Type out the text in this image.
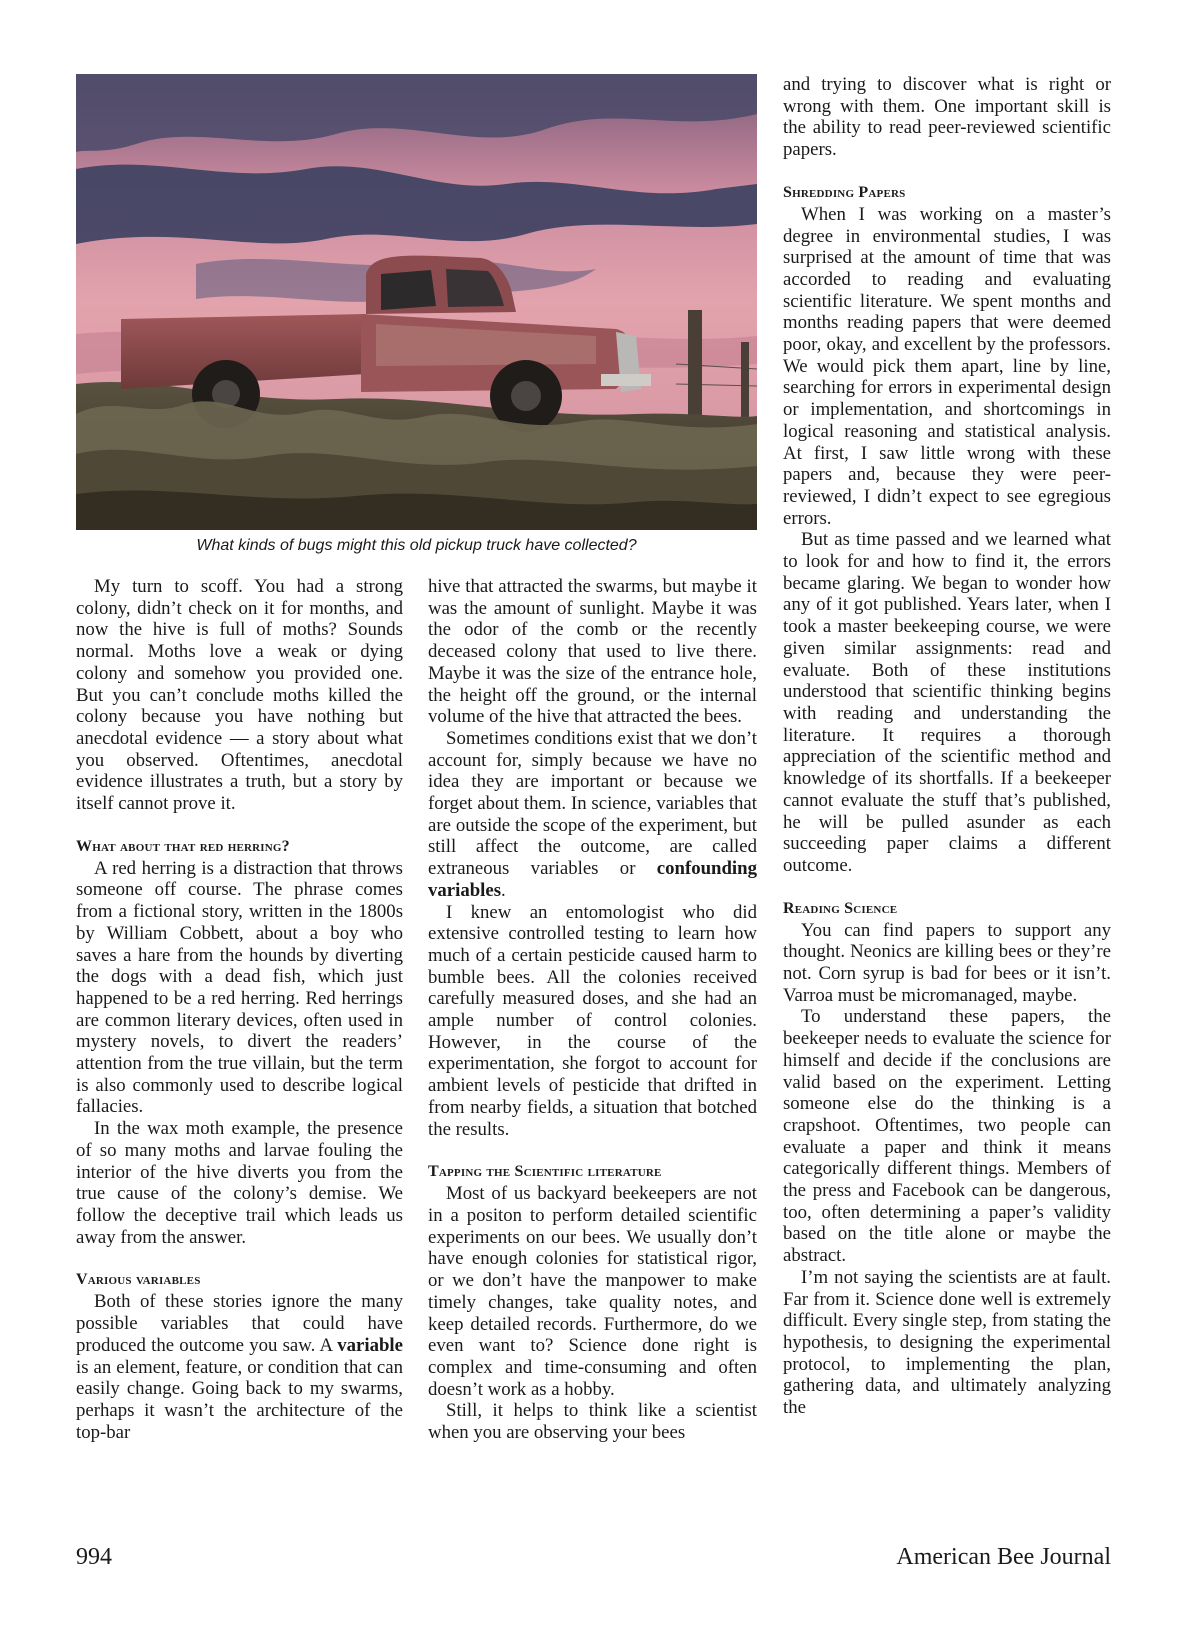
What kinds of bugs might this old pickup truck have collected?

My turn to scoff. You had a strong colony, didn’t check on it for months, and now the hive is full of moths? Sounds normal. Moths love a weak or dying colony and somehow you provided one. But you can’t conclude moths killed the colony because you have nothing but anecdotal evidence — a story about what you observed. Oftentimes, anecdotal evidence illustrates a truth, but a story by itself cannot prove it.

What about that red herring?

A red herring is a distraction that throws someone off course. The phrase comes from a fictional story, written in the 1800s by William Cobbett, about a boy who saves a hare from the hounds by diverting the dogs with a dead fish, which just happened to be a red herring. Red herrings are common literary devices, often used in mystery novels, to divert the readers’ attention from the true villain, but the term is also commonly used to describe logical fallacies.

In the wax moth example, the presence of so many moths and larvae fouling the interior of the hive diverts you from the true cause of the colony’s demise. We follow the deceptive trail which leads us away from the answer.

Various variables

Both of these stories ignore the many possible variables that could have produced the outcome you saw. A variable is an element, feature, or condition that can easily change. Going back to my swarms, perhaps it wasn’t the architecture of the top-bar

hive that attracted the swarms, but maybe it was the amount of sunlight. Maybe it was the odor of the comb or the recently deceased colony that used to live there. Maybe it was the size of the entrance hole, the height off the ground, or the internal volume of the hive that attracted the bees.

Sometimes conditions exist that we don’t account for, simply because we have no idea they are important or because we forget about them. In science, variables that are outside the scope of the experiment, but still affect the outcome, are called extraneous variables or confounding variables.

I knew an entomologist who did extensive controlled testing to learn how much of a certain pesticide caused harm to bumble bees. All the colonies received carefully measured doses, and she had an ample number of control colonies. However, in the course of the experimentation, she forgot to account for ambient levels of pesticide that drifted in from nearby fields, a situation that botched the results.

Tapping the Scientific literature

Most of us backyard beekeepers are not in a positon to perform detailed scientific experiments on our bees. We usually don’t have enough colonies for statistical rigor, or we don’t have the manpower to make timely changes, take quality notes, and keep detailed records. Furthermore, do we even want to? Science done right is complex and time-consuming and often doesn’t work as a hobby.

Still, it helps to think like a scientist when you are observing your bees

and trying to discover what is right or wrong with them. One important skill is the ability to read peer-reviewed scientific papers.

Shredding Papers

When I was working on a master’s degree in environmental studies, I was surprised at the amount of time that was accorded to reading and evaluating scientific literature. We spent months and months reading papers that were deemed poor, okay, and excellent by the professors. We would pick them apart, line by line, searching for errors in experimental design or implementation, and shortcomings in logical reasoning and statistical analysis. At first, I saw little wrong with these papers and, because they were peer-reviewed, I didn’t expect to see egregious errors.

But as time passed and we learned what to look for and how to find it, the errors became glaring. We began to wonder how any of it got published. Years later, when I took a master beekeeping course, we were given similar assignments: read and evaluate. Both of these institutions understood that scientific thinking begins with reading and understanding the literature. It requires a thorough appreciation of the scientific method and knowledge of its shortfalls. If a beekeeper cannot evaluate the stuff that’s published, he will be pulled asunder as each succeeding paper claims a different outcome.

Reading Science

You can find papers to support any thought. Neonics are killing bees or they’re not. Corn syrup is bad for bees or it isn’t. Varroa must be micromanaged, maybe.

To understand these papers, the beekeeper needs to evaluate the science for himself and decide if the conclusions are valid based on the experiment. Letting someone else do the thinking is a crapshoot. Oftentimes, two people can evaluate a paper and think it means categorically different things. Members of the press and Facebook can be dangerous, too, often determining a paper’s validity based on the title alone or maybe the abstract.

I’m not saying the scientists are at fault. Far from it. Science done well is extremely difficult. Every single step, from stating the hypothesis, to designing the experimental protocol, to implementing the plan, gathering data, and ultimately analyzing the

994	American Bee Journal
